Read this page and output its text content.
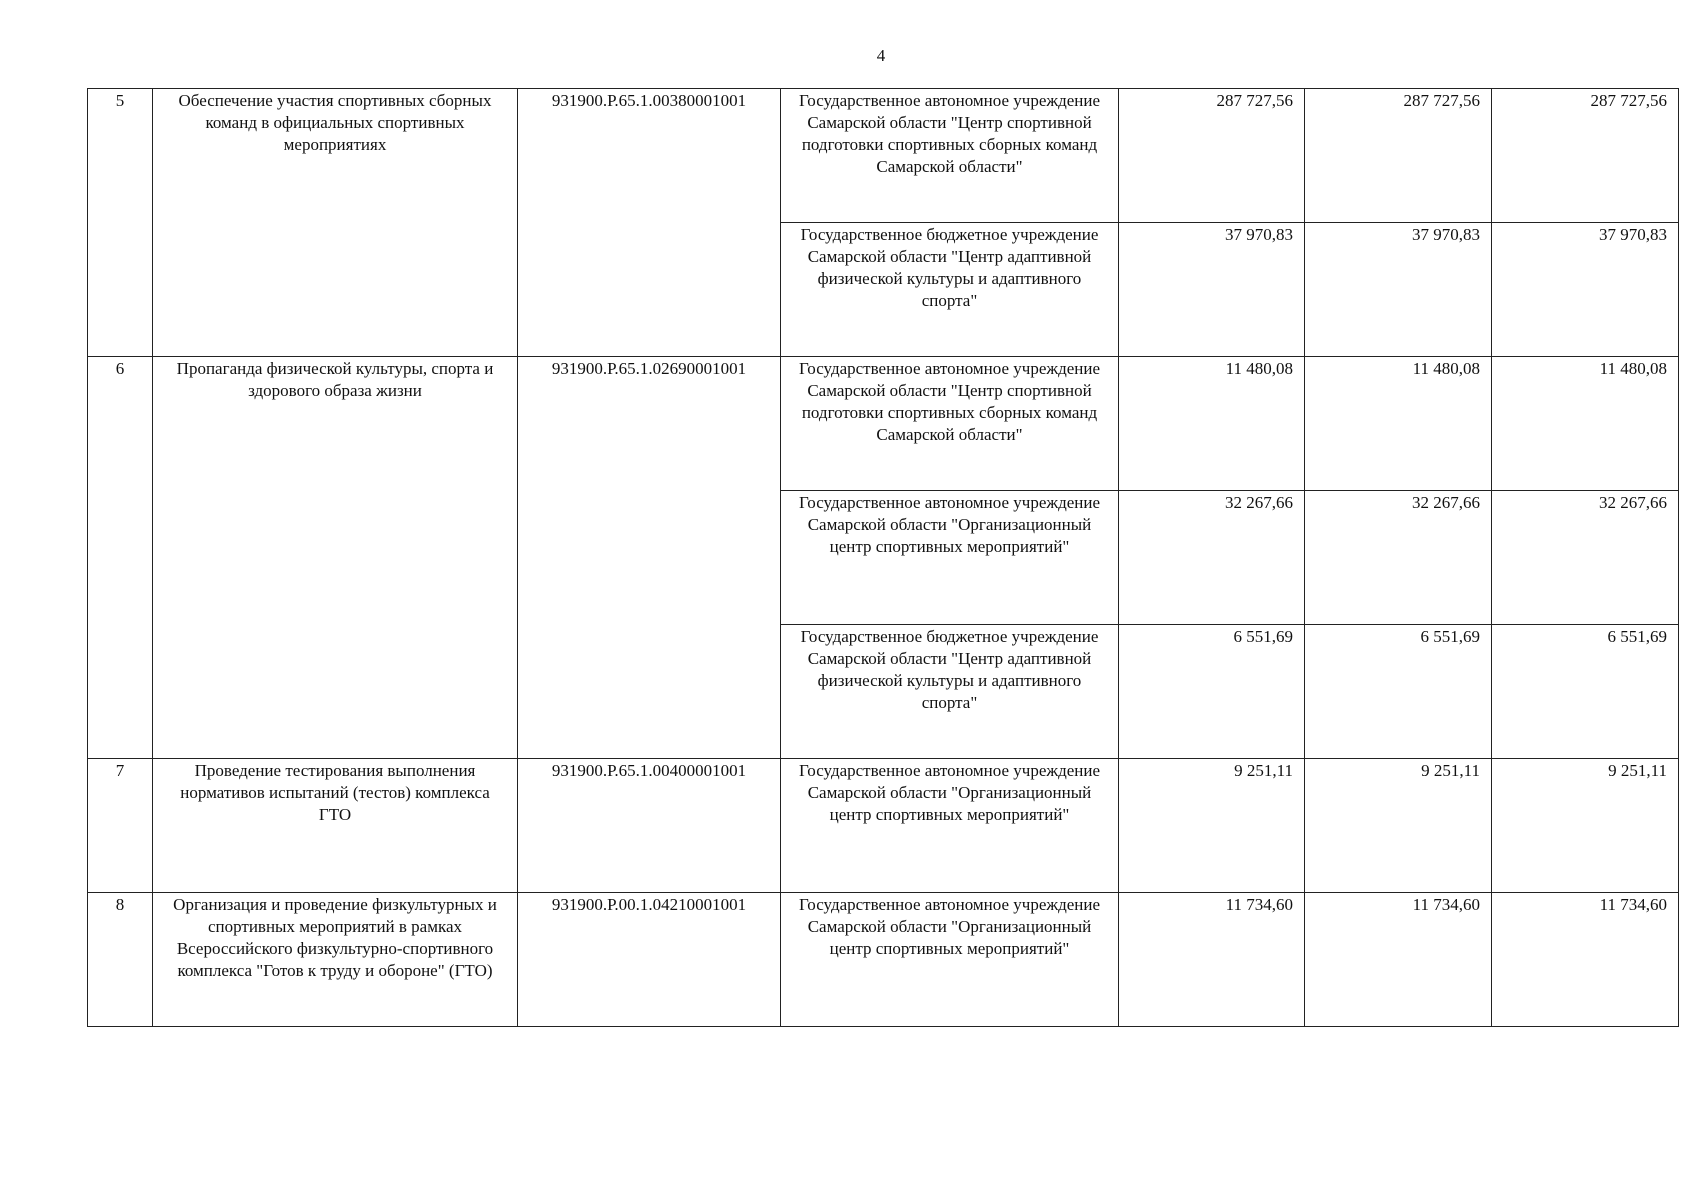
4
5	Обеспечение участия спортивных сборных команд в официальных спортивных мероприятиях	931900.Р.65.1.00380001001	Государственное автономное учреждение Самарской области "Центр спортивной подготовки спортивных сборных команд Самарской области"	287 727,56	287 727,56	287 727,56
			Государственное бюджетное учреждение Самарской области "Центр адаптивной физической культуры и адаптивного спорта"	37 970,83	37 970,83	37 970,83
6	Пропаганда физической культуры, спорта и здорового образа жизни	931900.Р.65.1.02690001001	Государственное автономное учреждение Самарской области "Центр спортивной подготовки спортивных сборных команд Самарской области"	11 480,08	11 480,08	11 480,08
			Государственное автономное учреждение Самарской области "Организационный центр спортивных мероприятий"	32 267,66	32 267,66	32 267,66
			Государственное бюджетное учреждение Самарской области "Центр адаптивной физической культуры и адаптивного спорта"	6 551,69	6 551,69	6 551,69
7	Проведение тестирования выполнения нормативов испытаний (тестов) комплекса ГТО	931900.Р.65.1.00400001001	Государственное автономное учреждение Самарской области "Организационный центр спортивных мероприятий"	9 251,11	9 251,11	9 251,11
8	Организация и проведение физкультурных и спортивных мероприятий в рамках Всероссийского физкультурно-спортивного комплекса "Готов к труду и обороне" (ГТО)	931900.Р.00.1.04210001001	Государственное автономное учреждение Самарской области "Организационный центр спортивных мероприятий"	11 734,60	11 734,60	11 734,60
